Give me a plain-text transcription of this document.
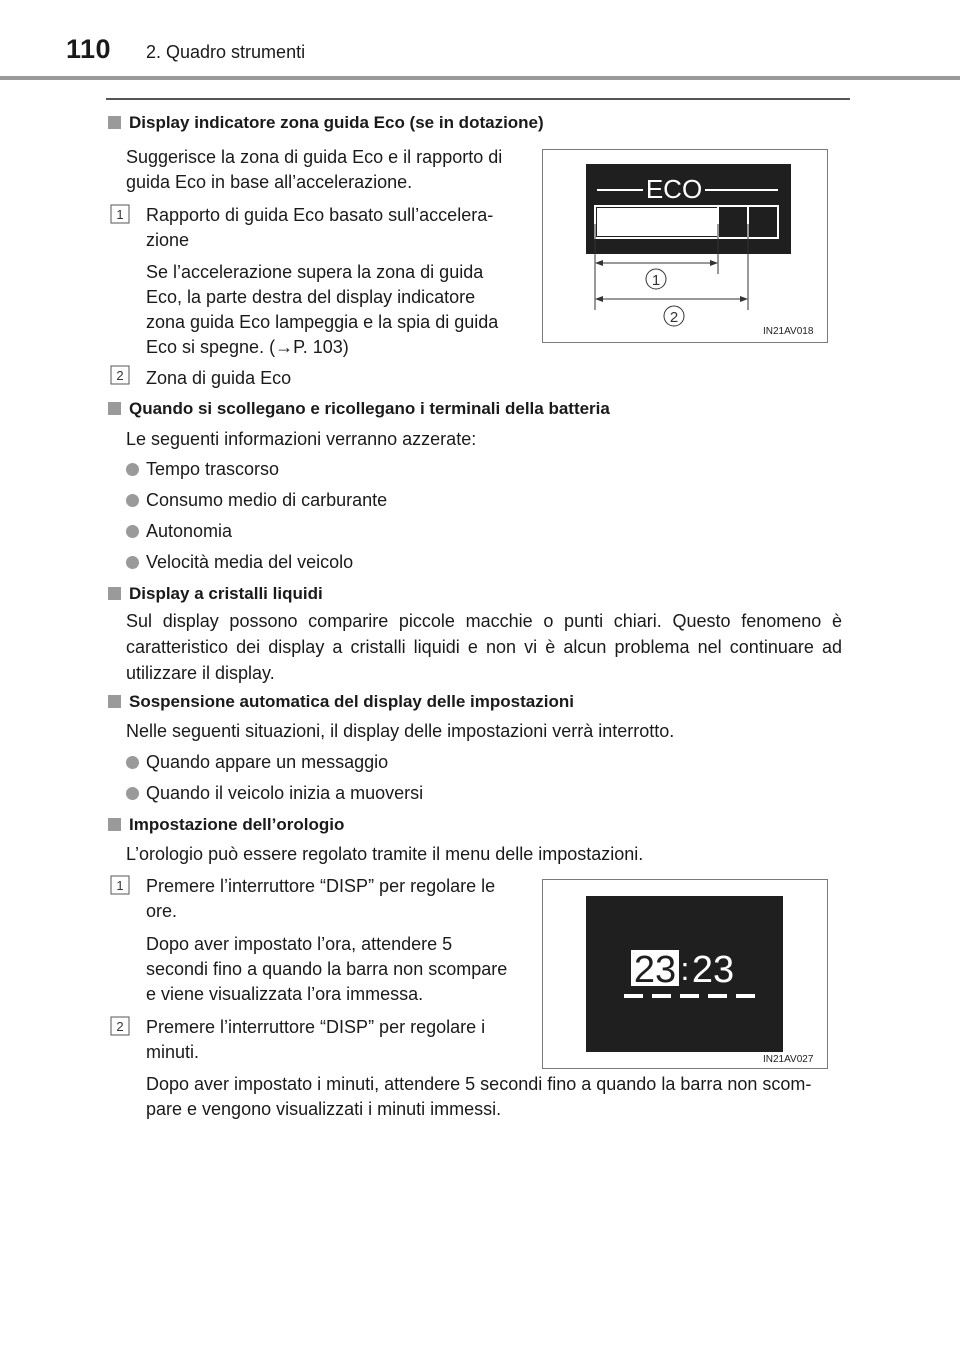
110 2. Quadro strumenti
Display indicatore zona guida Eco (se in dotazione)
Suggerisce la zona di guida Eco e il rapporto di
guida Eco in base all’accelerazione.
1 Rapporto di guida Eco basato sull’accelera-
zione
Se l’accelerazione supera la zona di guida
Eco, la parte destra del display indicatore
zona guida Eco lampeggia e la spia di guida
Eco si spegne. (→P. 103)
2 Zona di guida Eco
ECO
1
2
IN21AV018
Quando si scollegano e ricollegano i terminali della batteria
Le seguenti informazioni verranno azzerate:
Tempo trascorso
Consumo medio di carburante
Autonomia
Velocità media del veicolo
Display a cristalli liquidi
Sul display possono comparire piccole macchie o punti chiari. Questo fenomeno è caratteristico dei display a cristalli liquidi e non vi è alcun problema nel continuare ad utilizzare il display.
Sospensione automatica del display delle impostazioni
Nelle seguenti situazioni, il display delle impostazioni verrà interrotto.
Quando appare un messaggio
Quando il veicolo inizia a muoversi
Impostazione dell’orologio
L’orologio può essere regolato tramite il menu delle impostazioni.
1 Premere l’interruttore “DISP” per regolare le
ore.
Dopo aver impostato l’ora, attendere 5
secondi fino a quando la barra non scompare
e viene visualizzata l’ora immessa.
2 Premere l’interruttore “DISP” per regolare i
minuti.
Dopo aver impostato i minuti, attendere 5 secondi fino a quando la barra non scom-
pare e vengono visualizzati i minuti immessi.
23 : 23
IN21AV027
